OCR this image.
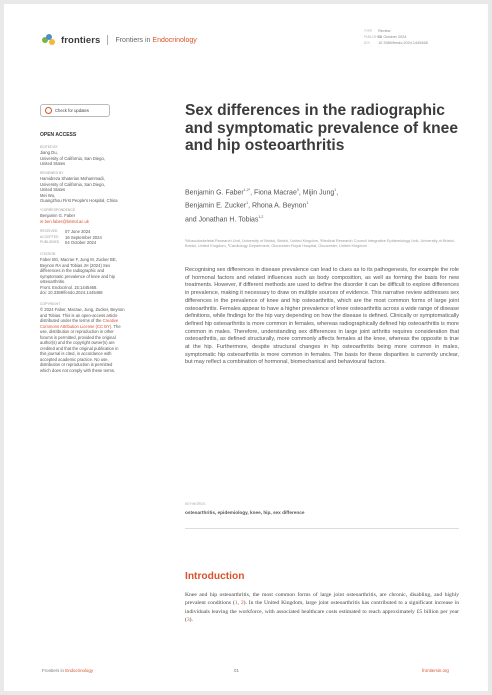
frontiers Frontiers in Endocrinology
TYPE Review
PUBLISHED 04 October 2024
DOI 10.3389/fendo.2024.1445468
Check for updates
OPEN ACCESS
EDITED BY
Jiang Du,
University of California, San Diego,
United States
REVIEWED BY
Hamidreza Shaterian Mohammadi,
University of California, San Diego,
United States
Mei Wu,
Guangzhou First People's Hospital, China
*CORRESPONDENCE
Benjamin G. Faber
✉ ben.faber@bristol.ac.uk
RECEIVED	07 June 2024
ACCEPTED	16 September 2024
PUBLISHED	04 October 2024
CITATION
Faber BG, Macrae F, Jung M, Zucker BE,
Beynon RA and Tobias JH (2024) Sex
differences in the radiographic and
symptomatic prevalence of knee and hip
osteoarthritis.
Front. Endocrinol. 15:1445468.
doi: 10.3389/fendo.2024.1445468
COPYRIGHT
© 2024 Faber, Macrae, Jung, Zucker, Beynon
and Tobias. This is an open-access article
distributed under the terms of the Creative
Commons Attribution License (CC BY). The
use, distribution or reproduction in other
forums is permitted, provided the original
author(s) and the copyright owner(s) are
credited and that the original publication in
this journal is cited, in accordance with
accepted academic practice. No use,
distribution or reproduction is permitted
which does not comply with these terms.
Sex differences in the radiographic and symptomatic prevalence of knee and hip osteoarthritis
Benjamin G. Faber$^{1,2*}$, Fiona Macrae$^3$, Mijin Jung$^1$,
Benjamin E. Zucker$^1$, Rhona A. Beynon$^1$
and Jonathan H. Tobias$^{1,2}$

¹Musculoskeletal Research Unit, University of Bristol, Bristol, United Kingdom, ²Medical Research Council Integrative Epidemiology Unit, University of Bristol, Bristol, United Kingdom, ³Cardiology Department, Gloucester Royal Hospital, Gloucester, United Kingdom

Recognising sex differences in disease prevalence can lead to clues as to its pathogenesis, for example the role of hormonal factors and related influences such as body composition, as well as forming the basis for new treatments. However, if different methods are used to define the disorder it can be difficult to explore differences in prevalence, making it necessary to draw on multiple sources of evidence. This narrative review addresses sex differences in the prevalence of knee and hip osteoarthritis, which are the most common forms of large joint osteoarthritis. Females appear to have a higher prevalence of knee osteoarthritis across a wide range of disease definitions, while findings for the hip vary depending on how the disease is defined. Clinically or symptomatically defined hip osteoarthritis is more common in females, whereas radiographically defined hip osteoarthritis is more common in males. Therefore, understanding sex differences in large joint arthritis requires consideration that osteoarthritis, as defined structurally, more commonly affects females at the knee, whereas the opposite is true at the hip. Furthermore, despite structural changes in hip osteoarthritis being more common in males, symptomatic hip osteoarthritis is more common in females. The basis for these disparities is currently unclear, but may reflect a combination of hormonal, biomechanical and behavioural factors.

KEYWORDS
osteoarthritis, epidemiology, knee, hip, sex difference
Introduction

Knee and hip osteoarthritis, the most common forms of large joint osteoarthritis, are chronic, disabling, and highly prevalent conditions (1, 2). In the United Kingdom, large joint osteoarthritis has contributed to a significant increase in individuals leaving the workforce, with associated healthcare costs estimated to reach approximately £5 billion per year (3).

Frontiers in Endocrinology	01	frontiersin.org
